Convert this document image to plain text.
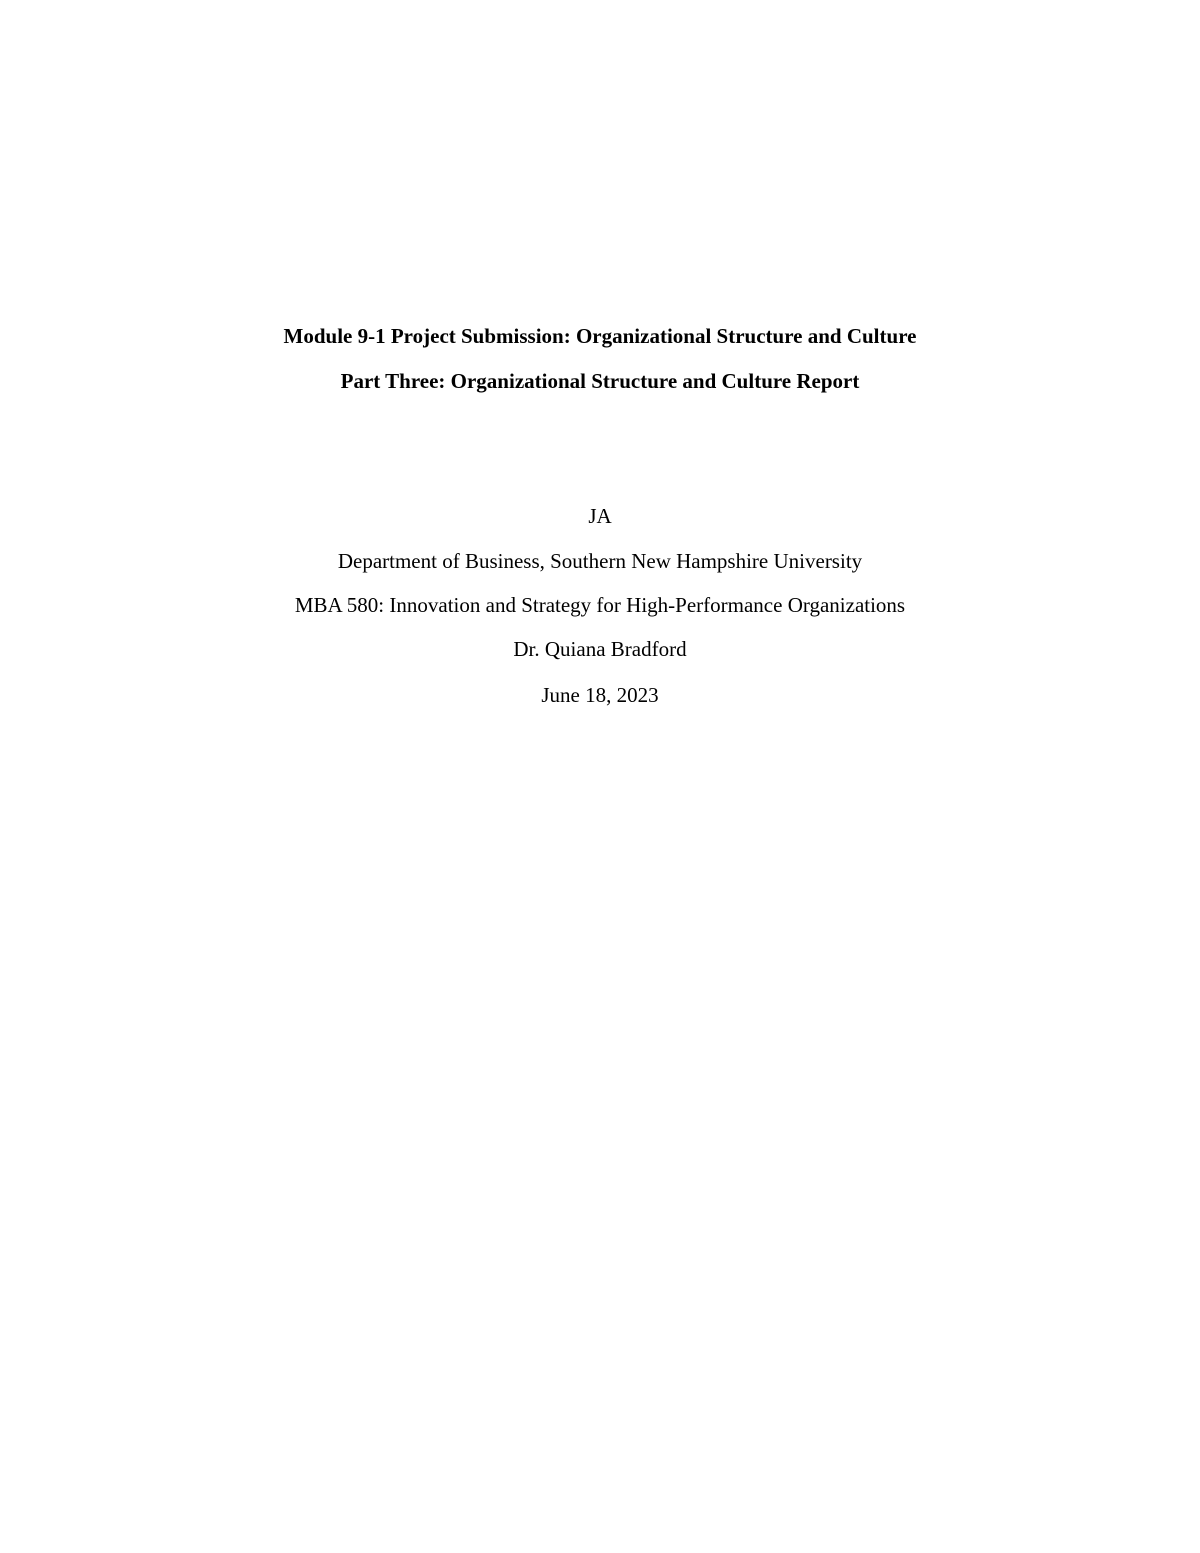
Module 9-1 Project Submission: Organizational Structure and Culture
Part Three: Organizational Structure and Culture Report
JA
Department of Business, Southern New Hampshire University
MBA 580: Innovation and Strategy for High-Performance Organizations
Dr. Quiana Bradford
June 18, 2023
